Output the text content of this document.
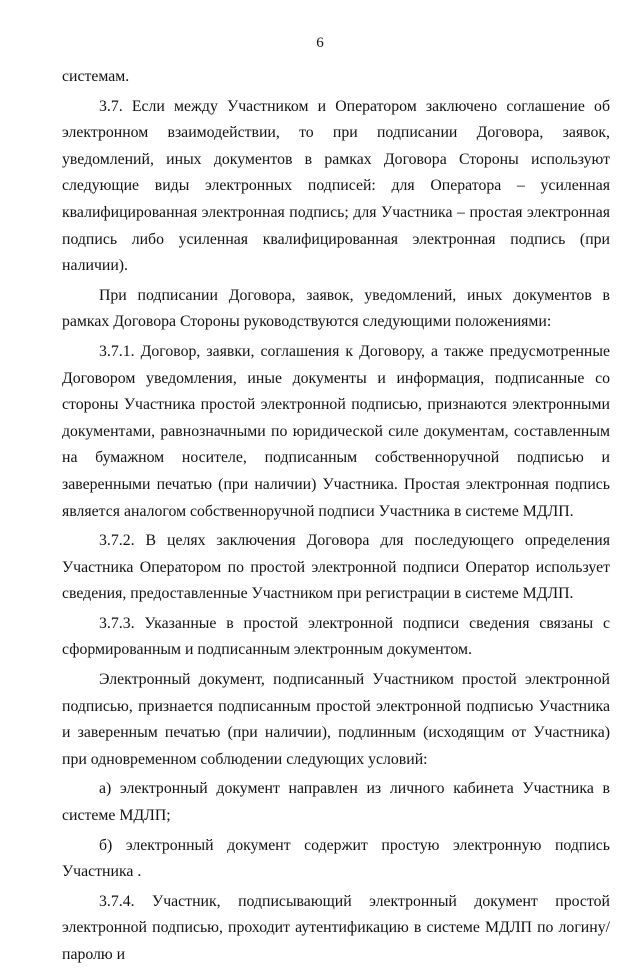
6

системам.

3.7. Если между Участником и Оператором заключено соглашение об электронном взаимодействии, то при подписании Договора, заявок, уведомлений, иных документов в рамках Договора Стороны используют следующие виды электронных подписей: для Оператора – усиленная квалифицированная электронная подпись; для Участника – простая электронная подпись либо усиленная квалифицированная электронная подпись (при наличии).

При подписании Договора, заявок, уведомлений, иных документов в рамках Договора Стороны руководствуются следующими положениями:

3.7.1. Договор, заявки, соглашения к Договору, а также предусмотренные Договором уведомления, иные документы и информация, подписанные со стороны Участника простой электронной подписью, признаются электронными документами, равнозначными по юридической силе документам, составленным на бумажном носителе, подписанным собственноручной подписью и заверенными печатью (при наличии) Участника. Простая электронная подпись является аналогом собственноручной подписи Участника в системе МДЛП.

3.7.2. В целях заключения Договора для последующего определения Участника Оператором по простой электронной подписи Оператор использует сведения, предоставленные Участником при регистрации в системе МДЛП.

3.7.3. Указанные в простой электронной подписи сведения связаны с сформированным и подписанным электронным документом.

Электронный документ, подписанный Участником простой электронной подписью, признается подписанным простой электронной подписью Участника и заверенным печатью (при наличии), подлинным (исходящим от Участника) при одновременном соблюдении следующих условий:

а) электронный документ направлен из личного кабинета Участника в системе МДЛП;

б) электронный документ содержит простую электронную подпись Участника .

3.7.4. Участник, подписывающий электронный документ простой электронной подписью, проходит аутентификацию в системе МДЛП по логину/паролю и
